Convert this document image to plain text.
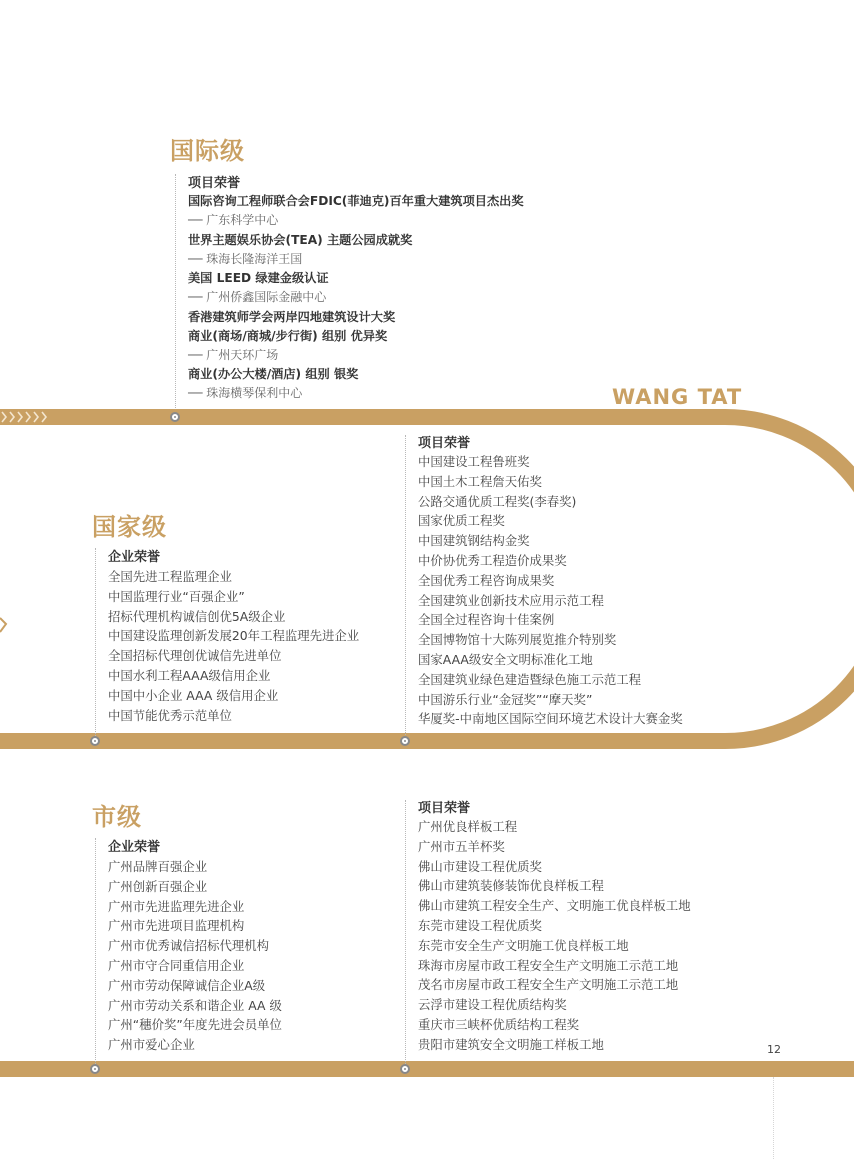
国际级
项目荣誉
国际咨询工程师联合会FDIC(菲迪克)百年重大建筑项目杰出奖
── 广东科学中心
世界主题娱乐协会(TEA) 主题公园成就奖
── 珠海长隆海洋王国
美国 LEED 绿建金级认证
── 广州侨鑫国际金融中心
香港建筑师学会两岸四地建筑设计大奖
商业(商场/商城/步行街) 组别 优异奖
── 广州天环广场
商业(办公大楼/酒店) 组别 银奖
── 珠海横琴保利中心	WANG TAT
国家级
企业荣誉
全国先进工程监理企业
中国监理行业“百强企业”
招标代理机构诚信创优5A级企业
中国建设监理创新发展20年工程监理先进企业
全国招标代理创优诚信先进单位
中国水利工程AAA级信用企业
中国中小企业 AAA 级信用企业
中国节能优秀示范单位
项目荣誉
中国建设工程鲁班奖
中国土木工程詹天佑奖
公路交通优质工程奖(李春奖)
国家优质工程奖
中国建筑钢结构金奖
中价协优秀工程造价成果奖
全国优秀工程咨询成果奖
全国建筑业创新技术应用示范工程
全国全过程咨询十佳案例
全国博物馆十大陈列展览推介特别奖
国家AAA级安全文明标准化工地
全国建筑业绿色建造暨绿色施工示范工程
中国游乐行业“金冠奖”“摩天奖”
华厦奖-中南地区国际空间环境艺术设计大赛金奖
市级
企业荣誉
广州品牌百强企业
广州创新百强企业
广州市先进监理先进企业
广州市先进项目监理机构
广州市优秀诚信招标代理机构
广州市守合同重信用企业
广州市劳动保障诚信企业A级
广州市劳动关系和谐企业 AA 级
广州“穗价奖”年度先进会员单位
广州市爱心企业
项目荣誉
广州优良样板工程
广州市五羊杯奖
佛山市建设工程优质奖
佛山市建筑装修装饰优良样板工程
佛山市建筑工程安全生产、文明施工优良样板工地
东莞市建设工程优质奖
东莞市安全生产文明施工优良样板工地
珠海市房屋市政工程安全生产文明施工示范工地
茂名市房屋市政工程安全生产文明施工示范工地
云浮市建设工程优质结构奖
重庆市三峡杯优质结构工程奖
贵阳市建筑安全文明施工样板工地	12
